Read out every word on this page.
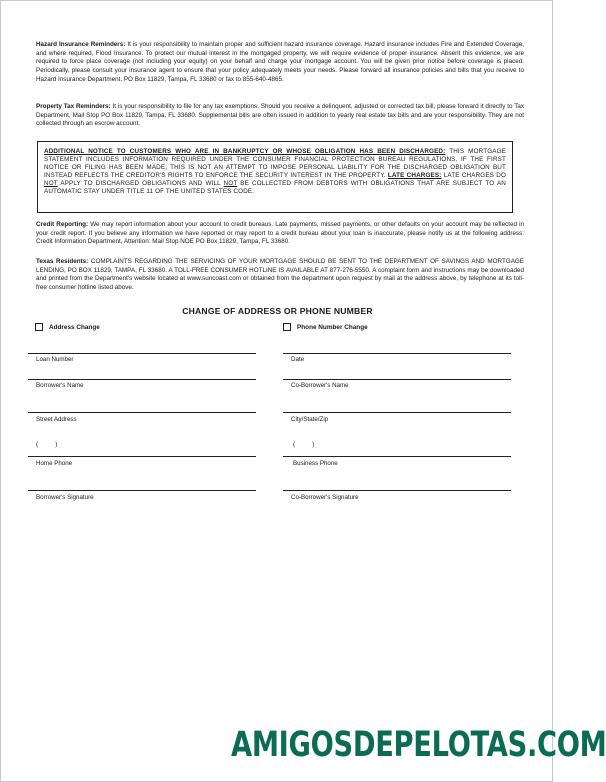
Hazard Insurance Reminders: It is your responsibility to maintain proper and sufficient hazard insurance coverage. Hazard insurance includes Fire and Extended Coverage, and where required, Flood Insurance. To protect our mutual interest in the mortgaged property, we will require evidence of proper insurance. Absent this evidence, we are required to force place coverage (not including your equity) on your behalf and charge your mortgage account. You will be given prior notice before coverage is placed. Periodically, please consult your insurance agent to ensure that your policy adequately meets your needs. Please forward all insurance policies and bills that you receive to Hazard Insurance Department, PO Box 11829, Tampa, FL 33680 or fax to 855-640-4865.

Property Tax Reminders: It is your responsibility to file for any tax exemptions. Should you receive a delinquent, adjusted or corrected tax bill, please forward it directly to Tax Department, Mail Stop PO Box 11829, Tampa, FL 33680. Supplemental bills are often issued in addition to yearly real estate tax bills and are your responsibility. They are not collected through an escrow account.

ADDITIONAL NOTICE TO CUSTOMERS WHO ARE IN BANKRUPTCY OR WHOSE OBLIGATION HAS BEEN DISCHARGED: THIS MORTGAGE STATEMENT INCLUDES INFORMATION REQUIRED UNDER THE CONSUMER FINANCIAL PROTECTION BUREAU REGULATIONS. IF THE FIRST NOTICE OR FILING HAS BEEN MADE, THIS IS NOT AN ATTEMPT TO IMPOSE PERSONAL LIABILITY FOR THE DISCHARGED OBLIGATION BUT INSTEAD REFLECTS THE CREDITOR'S RIGHTS TO ENFORCE THE SECURITY INTEREST IN THE PROPERTY. LATE CHARGES: LATE CHARGES DO NOT APPLY TO DISCHARGED OBLIGATIONS AND WILL NOT BE COLLECTED FROM DEBTORS WITH OBLIGATIONS THAT ARE SUBJECT TO AN AUTOMATIC STAY UNDER TITLE 11 OF THE UNITED STATES CODE.

Credit Reporting: We may report information about your account to credit bureaus. Late payments, missed payments, or other defaults on your account may be reflected in your credit report. If you believe any information we have reported or may report to a credit bureau about your loan is inaccurate, please notify us at the following address: Credit Information Department, Attention: Mail Stop NOE PO Box 11829, Tampa, FL 33680.

Texas Residents: COMPLAINTS REGARDING THE SERVICING OF YOUR MORTGAGE SHOULD BE SENT TO THE DEPARTMENT OF SAVINGS AND MORTGAGE LENDING, PO BOX 11829, TAMPA, FL 33680. A TOLL-FREE CONSUMER HOTLINE IS AVAILABLE AT 877-276-5550. A complaint form and instructions may be downloaded and printed from the Department's website located at www.suncoast.com or obtained from the department upon request by mail at the address above, by telephone at its toll-free consumer hotline listed above.

CHANGE OF ADDRESS OR PHONE NUMBER
Address Change	Phone Number Change
Loan Number	Date
Borrower's Name	Co-Borrower's Name
Street Address	City/State/Zip
(          )	(          )
Home Phone	Business Phone
Borrower's Signature	Co-Borrower's Signature
AMIGOSDEPELOTAS.COM
